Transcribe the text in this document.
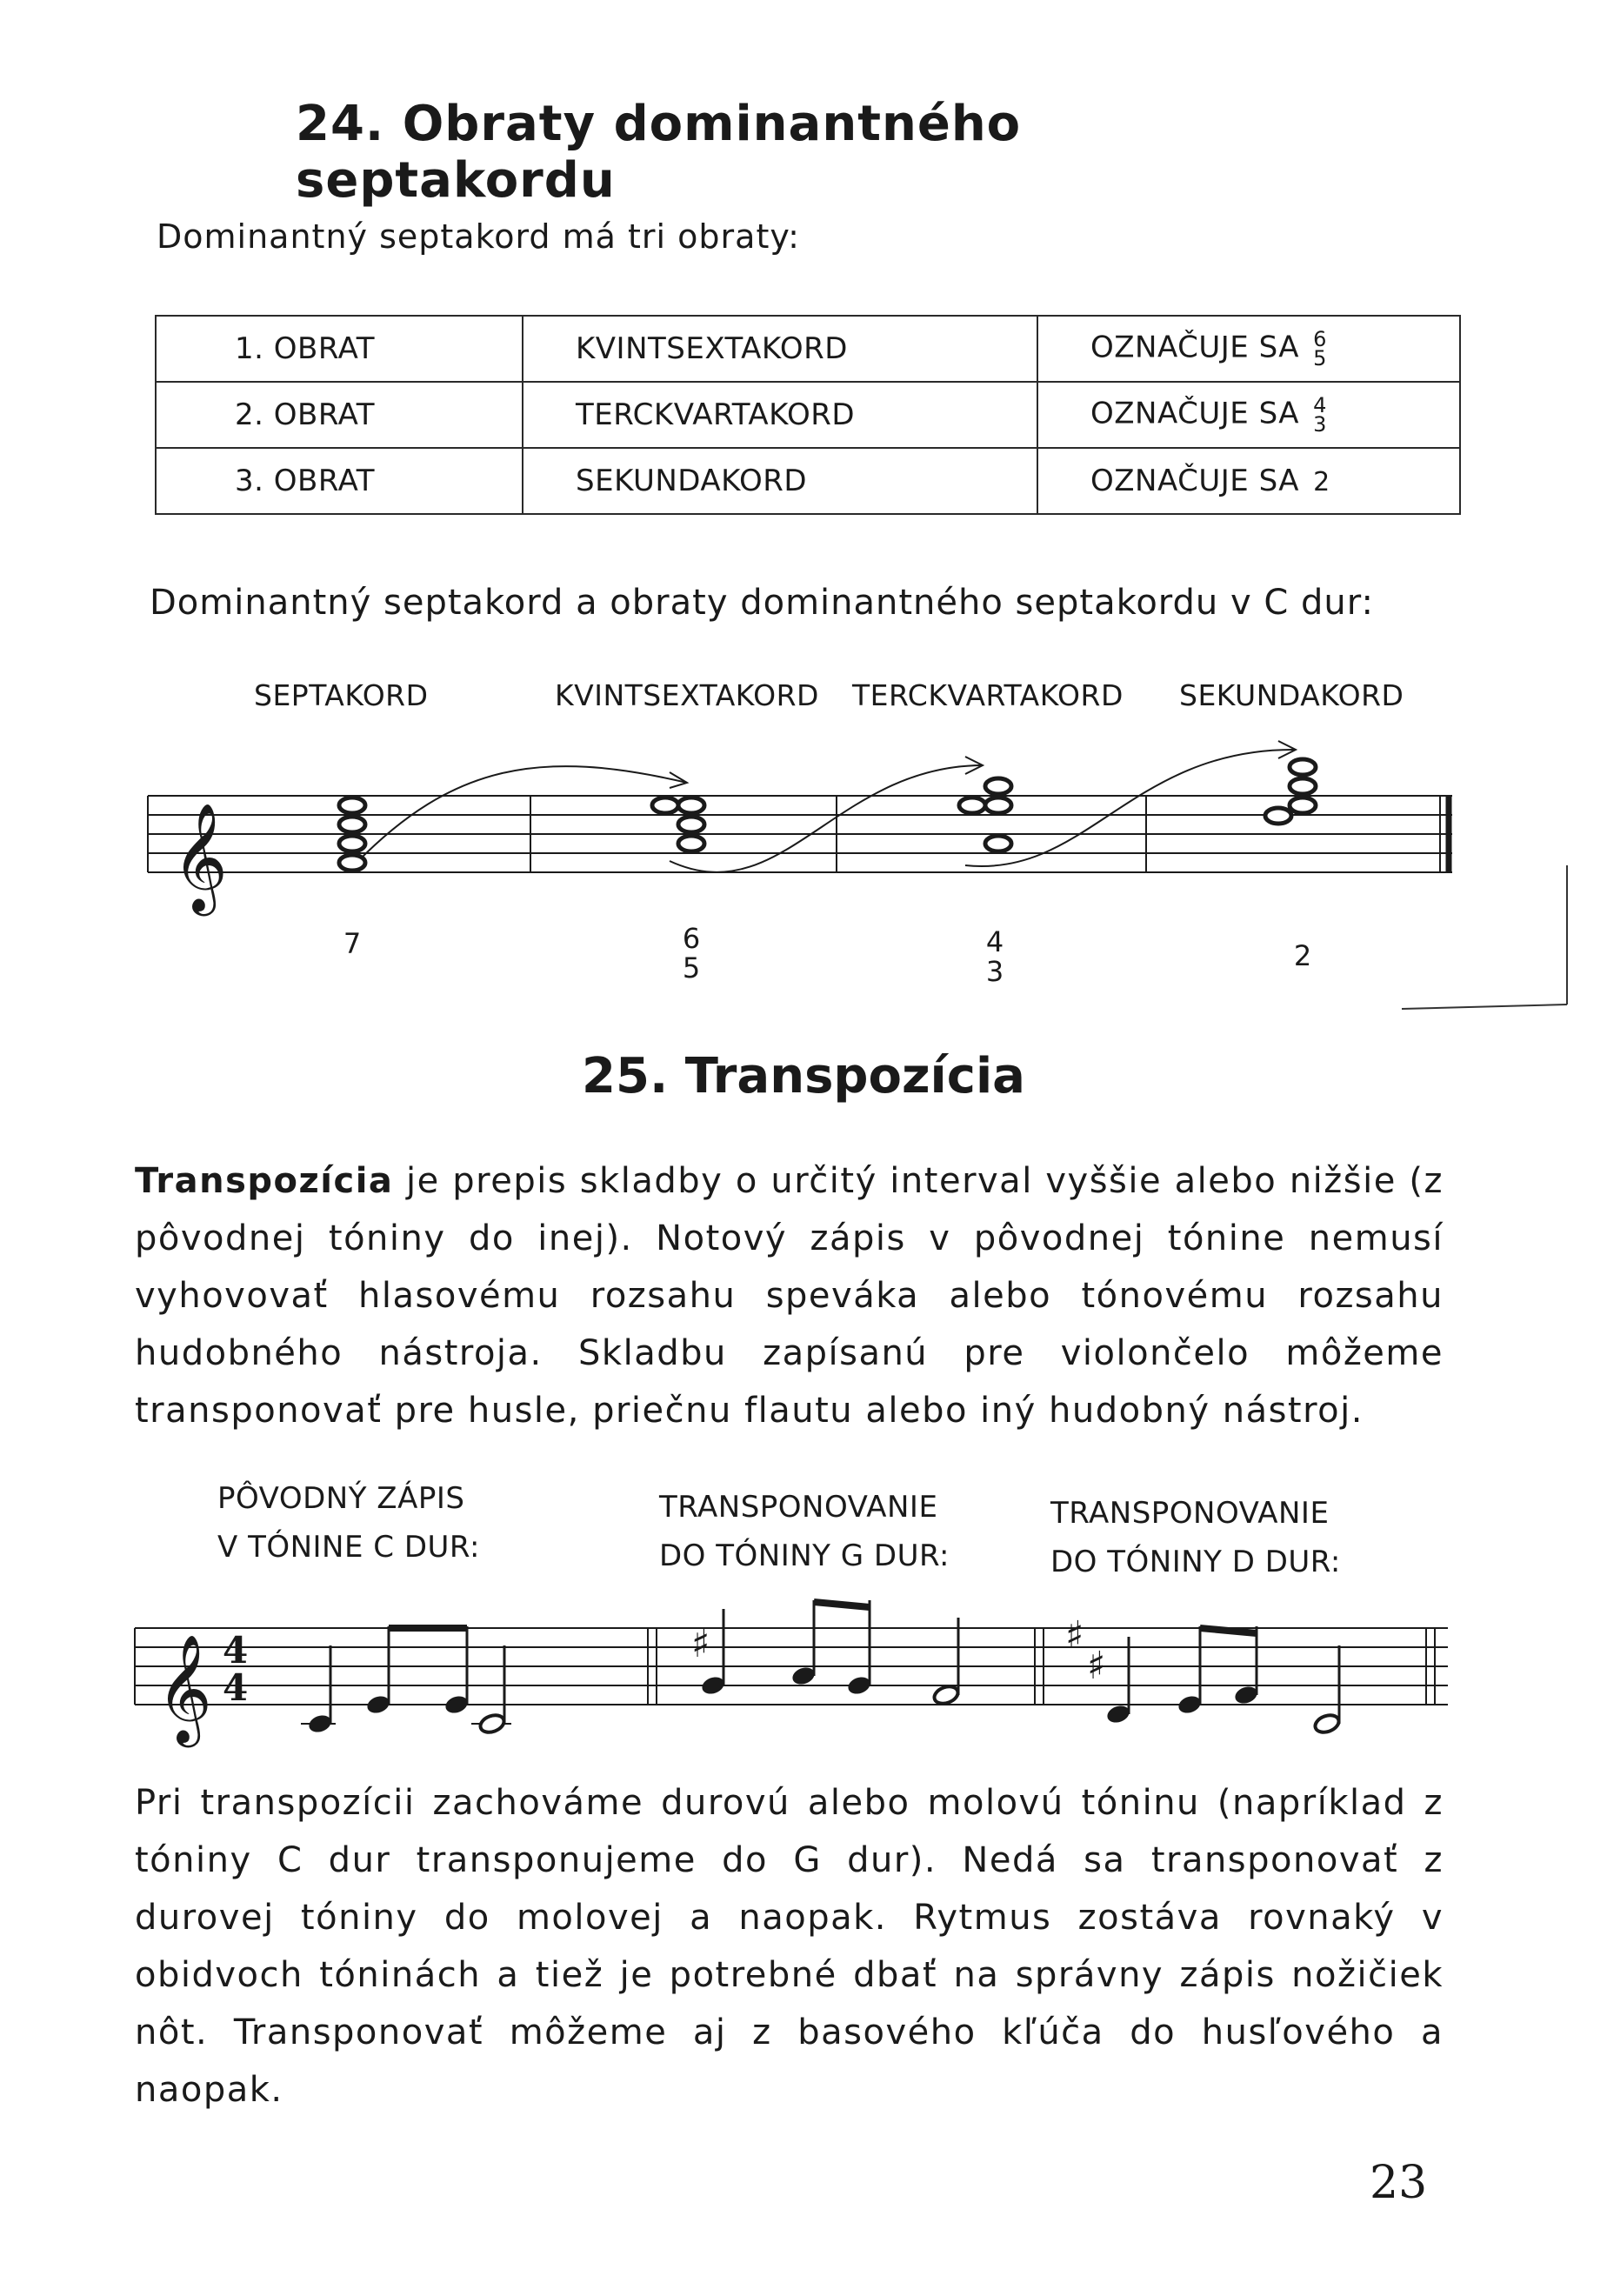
24. Obraty dominantného septakordu
Dominantný septakord má tri obraty:
1. OBRAT	KVINTSEXTAKORD	OZNAČUJE SA 6
5

2. OBRAT	TERCKVARTAKORD	OZNAČUJE SA 4
3

3. OBRAT	SEKUNDAKORD	OZNAČUJE SA 2
Dominantný septakord a obraty dominantného septakordu v C dur:
SEPTAKORD	KVINTSEXTAKORD TERCKVARTAKORD SEKUNDAKORD
𝄞
𝄞	♯	♯
♯
4
4
7	6
5
4
3	2
25. Transpozícia
Transpozícia je prepis skladby o určitý interval vyššie alebo nižšie (z pôvodnej tóniny do inej). Notový zápis v pôvodnej tónine nemusí vyhovovať hlasovému rozsahu speváka alebo tónovému rozsahu hudobného nástroja. Skladbu zapísanú pre violončelo môžeme transponovať pre husle, priečnu flautu alebo iný hudobný nástroj.
PÔVODNÝ ZÁPIS
V TÓNINE C DUR:
TRANSPONOVANIE
DO TÓNINY G DUR:
TRANSPONOVANIE
DO TÓNINY D DUR:
Pri transpozícii zachováme durovú alebo molovú tóninu (napríklad z tóniny C dur transponujeme do G dur). Nedá sa transponovať z durovej tóniny do molovej a naopak. Rytmus zostáva rovnaký v obidvoch tóninách a tiež je potrebné dbať na správny zápis nožičiek nôt. Transponovať môžeme aj z basového kľúča do husľového a naopak.
23
